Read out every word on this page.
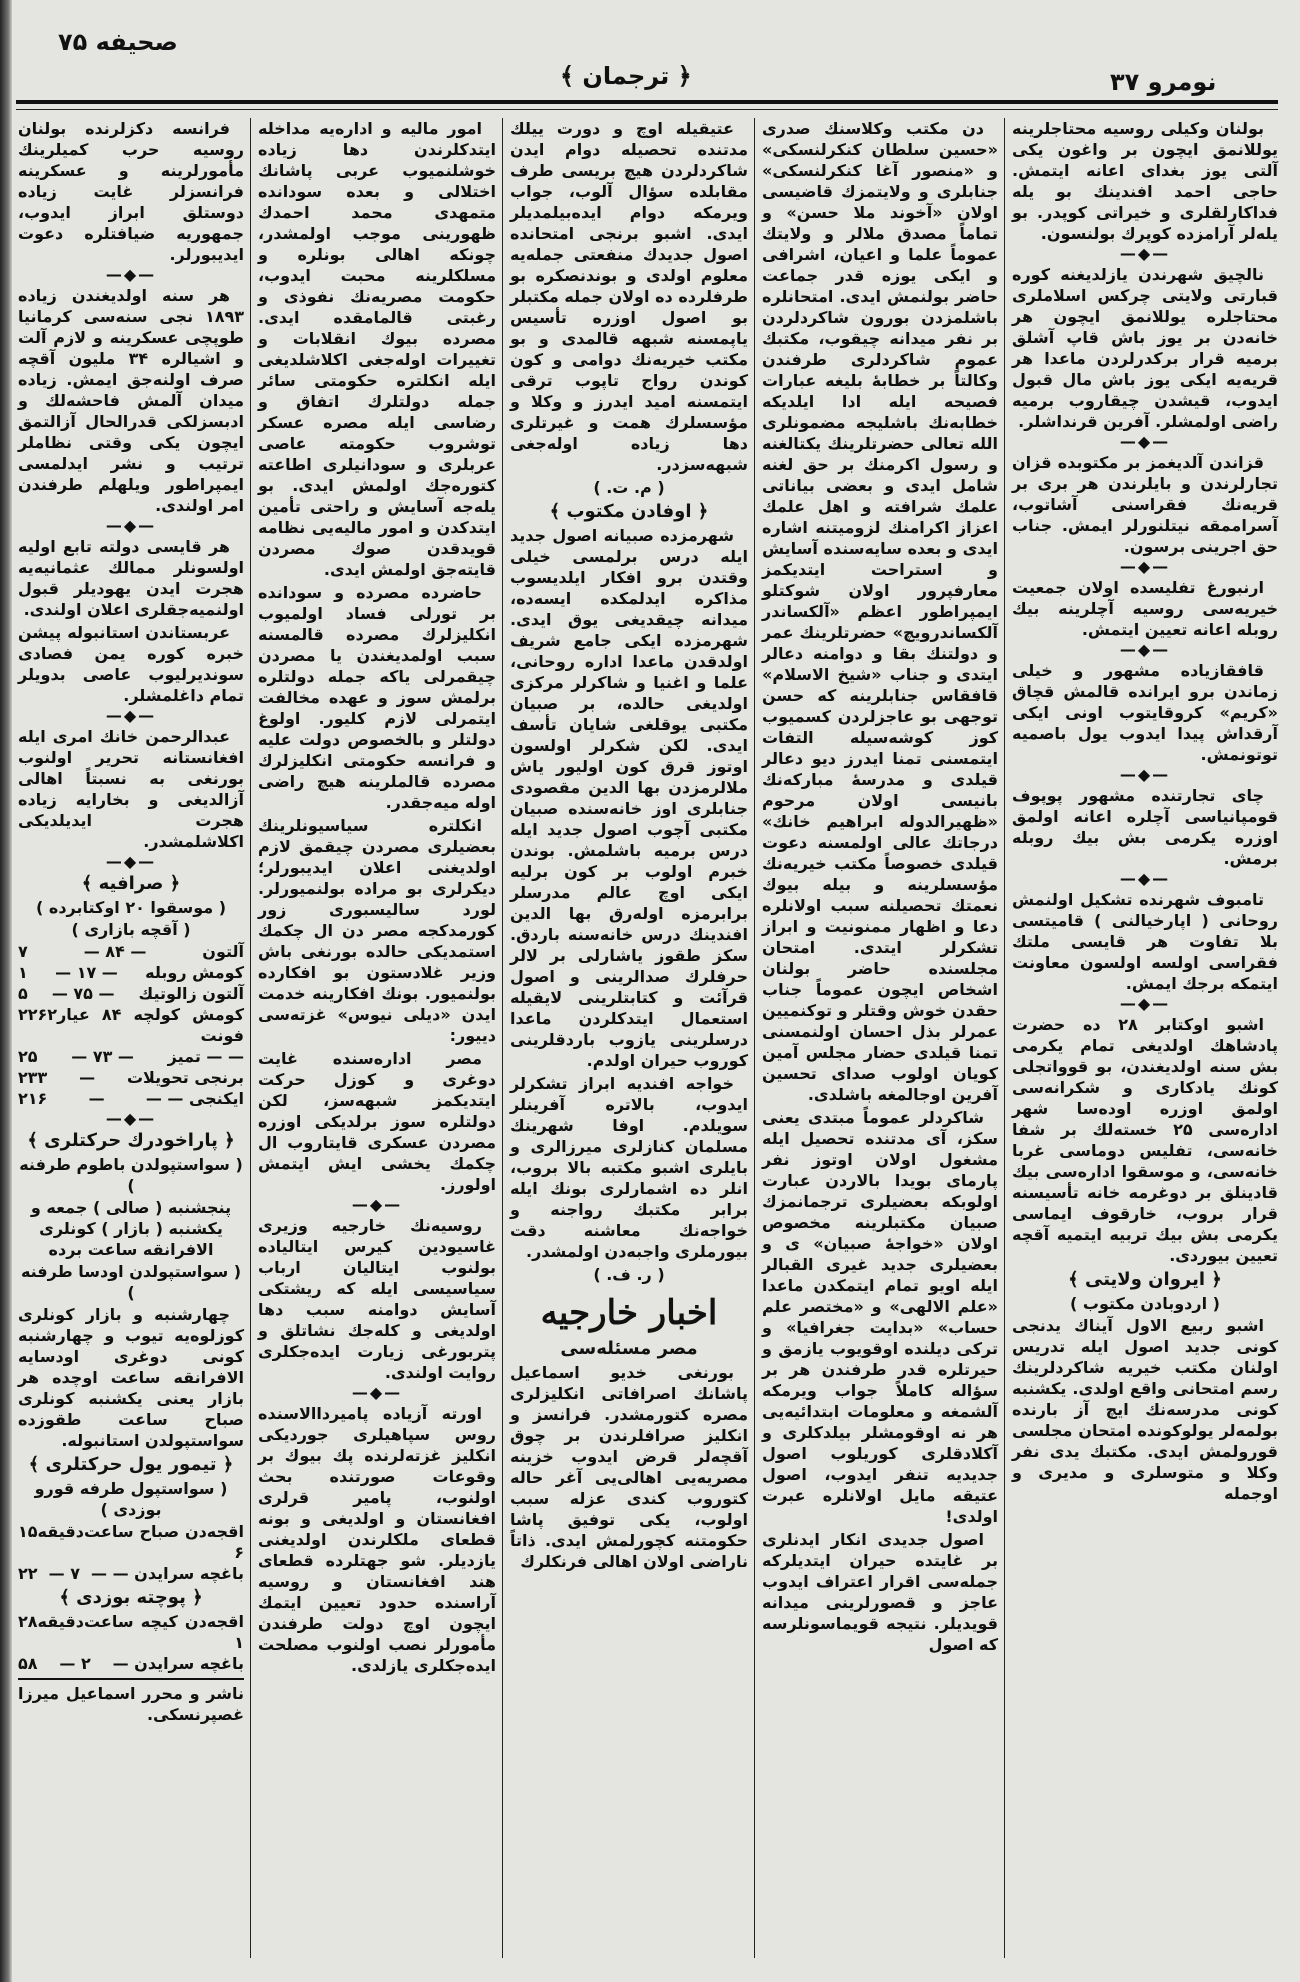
صحیفه ۷۵
﴿ ترجمان ﴾	نومرو ۳۷

فرانسه دکزلرنده بولنان روسیه حرب کمیلرینك مأمورلرینه و عسکرینه فرانسزلر غایت زیاده دوستلق ابراز ایدوب، جمهوریه ضیافتلره دعوت ایدیبورلر.

—◆—

هر سنه اولدیغندن زیاده ۱۸۹۳ نجی سنه‌سی کرمانیا طوپچی عسکرینه و لازم آلت و اشیالره ۳۴ ملیون آقچه صرف اولنه‌جق ایمش. زیاده میدان آلمش فاحشه‌لك و ادبسزلکی قدرالحال آزالتمق ایچون یکی وقتی نظاملر ترتیب و نشر ایدلمسی ایمپراطور ویلهلم طرفندن امر اولندی.

—◆—

هر قایسی دولته تابع اولیه اولسونلر ممالك عثمانیه‌یه هجرت ایدن یهودیلر قبول اولنمیه‌جقلری اعلان اولندی.

عربستاندن استانبوله پیشن خبره کوره یمن فصادی سوندیرلیوب عاصی بدویلر تمام داغلمشلر.

—◆—

عبدالرحمن خانك امری ایله افغانستانه تحریر اولنوب بورنغی به نسبتاً اهالی آزالدیغی و بخارایه زیاده هجرت ایدیلدیکی اکلاشلمشدر.

—◆—
﴿ صرافیه ﴾
( موسقوا ۲۰ اوکتابرده )
( آقچه بازاری )
آلتون
— ۸۴ —
۷
کومش روبله
— ۱۷ —
۱
آلتون زالوتیك
— ۷۵ —
۵
کومش کولچه ۸۴ عیار فونت
۶۲
۲۲
— — تمیز
— ۷۳ —
۲۵
برنجی تحویلات
—
۲۳۳
ایکنجی — —
—
۲۱۶
—◆—
﴿ پاراخودرك حرکتلری ﴾
( سواستپولدن باطوم طرفنه )
پنجشنبه ( صالی ) جمعه و یکشنبه ( بازار ) کونلری الافرانقه ساعت برده
( سواستپولدن اودسا طرفنه )

چهارشنبه و بازار کونلری کوزلوه‌یه تیوب و چهارشنبه کونی دوغری اودسایه الافرانقه ساعت اوچده هر بازار یعنی یکشنبه کونلری صباح ساعت طقوزده سواستپولدن استانبوله.

﴿ تیمور یول حرکتلری ﴾
( سواستپول طرفه قورو بوزدی )
اقجه‌دن صباح ساعت ۶
دقیقه
۱۵
باغچه سرایدن — —
۷ —
۲۲
﴿ پوچته بوزدی ﴾
اقجه‌دن کیچه ساعت ۱
دقیقه
۲۸
باغچه سرایدن —
۲ —
۵۸
ناشر و محرر اسماعیل میرزا غصپرنسکی.

امور مالیه و اداره‌یه مداخله ایتدکلرندن دها زیاده خوشلنمیوب عربی پاشانك اختلالی و بعده سودانده متمهدی محمد احمدك ظهورینی موجب اولمشدر، چونکه اهالی بونلره و مسلکلرینه محبت ایدوب، حکومت مصریه‌نك نفوذی و رغبتی قالمامقده ایدی. مصرده بیوك انقلابات و تغییرات اوله‌جغی اکلاشلدیغی ایله انکلتره حکومتی سائر جمله دولتلرك اتفاق و رضاسی ایله مصره عسکر توشروب حکومته عاصی عربلری و سودانیلری اطاعته کتوره‌جك اولمش ایدی. بو یله‌جه آسایش و راحتی تأمین ایتدکدن و امور مالیه‌یی نظامه قویدقدن صوك مصردن قایته‌جق اولمش ایدی.

حاضرده مصرده و سودانده بر تورلی فساد اولمیوب انکلیزلرك مصرده قالمسنه سبب اولمدیغندن یا مصردن چیقمرلی یاکه جمله دولتلره برلمش سوز و عهده مخالفت ایتمرلی لازم کلیور. اولوغ دولتلر و بالخصوص دولت علیه و فرانسه حکومتی انکلیزلرك مصرده قالملرینه هیچ راضی اوله میه‌جقدر.

انکلتره سیاسیونلرینك بعضیلری مصردن چیقمق لازم اولدیغنی اعلان ایدیبورلر؛ دیکرلری بو مراده بولنمیورلر. لورد سالیسبوری زور کورمدکجه مصر دن ال چکمك استمدیکی حالده بورنغی باش وزیر غلادستون بو افکارده بولنمیور. بونك افکارینه خدمت ایدن «دیلی نیوس» غزته‌سی دییور:

مصر اداره‌سنده غایت دوغری و کوزل حرکت ایتدیکمز شبهه‌سز، لکن دولتلره سوز برلدیکی اوزره مصردن عسکری قایتاروب ال چکمك یخشی ایش ایتمش اولورز.

—◆—

روسیه‌نك خارجیه وزیری غاسیودین کیرس ایتالیاده بولنوب ایتالیان ارباب سیاسیسی ایله که ریشتکی آسایش دوامنه سبب دها اولدیغی و کله‌جك نشاتلق و پتربورغی زیارت ایده‌جکلری روایت اولندی.

—◆—

اورته آزیاده پامیرداالاسنده روس سپاهیلری جوردیکی انکلیز غزته‌لرنده پك بیوك بر وقوعات صورتنده بحث اولنوب، پامیر قرلری افغانستان و اولدیغی و بونه قطعای ملکلرندن اولدیغنی یازدیلر. شو جهتلرده قطعای هند افغانستان و روسیه آراسنده حدود تعیین ایتمك ایچون اوچ دولت طرفندن مأمورلر نصب اولنوب مصلحت ایده‌جکلری یازلدی.

عتیقیله اوچ و دورت ییلك مدتنده تحصیله دوام ایدن شاکردلردن هیچ بریسی طرف مقابلده سؤال آلوب، جواب ویرمکه دوام ایده‌بیلمدیلر ایدی. اشبو برنجی امتحانده اصول جدیدك منفعتی جمله‌یه معلوم اولدی و بوندنصکره بو طرفلرده ده اولان جمله مکتبلر بو اصول اوزره تأسیس یاپمسنه شبهه قالمدی و بو مکتب خیریه‌نك دوامی و کون کوندن رواج تاپوب ترقی ایتمسنه امید ایدرز و وکلا و مؤسسلرك همت و غیرتلری دها زیاده اوله‌جغی شبهه‌سزدر.

( م. ت. )
﴿ اوفادن مکتوب ﴾

شهرمزده صبیانه اصول جدید ایله درس برلمسی خیلی وقتدن برو افکار ایلدیسوب مذاکره ایدلمکده ایسه‌ده، میدانه چیقدیغی یوق ایدی. شهرمزده ایکی جامع شریف اولدقدن ماعدا اداره روحانی، علما و اغنیا و شاکرلر مرکزی اولدیغی حالده، بر صبیان مکتبی یوقلغی شایان تأسف ایدی. لکن شکرلر اولسون اوتوز قرق کون اولیور یاش ملالرمزدن بها الدین مقصودی جنابلری اوز خانه‌سنده صبیان مکتبی آچوب اصول جدید ایله درس برمیه باشلمش. بوندن خبرم اولوب بر کون برلیه ایکی اوچ عالم مدرسلر برابرمزه اوله‌رق بها الدین افندینك درس خانه‌سنه باردق. سکز طقوز یاشارلی بر لالر حرفلرك صدالرینی و اصول قرآئت و کتابتلرینی لایقیله استعمال ایتدکلردن ماعدا درسلرینی یازوب باردقلرینی کوروب حیران اولدم.

خواجه افندیه ابراز تشکرلر ایدوب، بالاتره آفرینلر سویلدم. اوفا شهرینك مسلمان کنازلری میرزالری و بایلری اشبو مکتبه بالا بروب، انلر ده اشمارلری بونك ایله برابر مکتبك رواجنه و خواجه‌نك معاشنه دقت بیورملری واجبه‌دن اولمشدر.

( ر. ف. )
اخبار خارجیه
مصر مسئله‌سی

بورنغی خدیو اسماعیل پاشانك اصرافاتی انکلیزلری مصره کتورمشدر. فرانسز و انکلیز صرافلرندن بر چوق آقچه‌لر قرض ایدوب خزینه مصریه‌یی اهالی‌یی آغر حاله کتوروب کندی عزله سبب اولوب، یکی توفیق پاشا حکومتنه کچورلمش ایدی. ذاتاً ناراضی اولان اهالی فرنکلرك

دن مکتب وکلاسنك صدری «حسین سلطان کنکرلنسکی» و «منصور آغا کنکرلنسکی» جنابلری و ولایتمزك قاضیسی اولان «آخوند ملا حسن» و تماماً مصدق ملالر و ولایتك عموماً علما و اعیان، اشرافی و ایکی یوزه قدر جماعت حاضر بولنمش ایدی. امتحانلره باشلمزدن بورون شاکردلردن بر نفر میدانه چیقوب، مکتبك عموم شاکردلری طرفندن وکالتاً بر خطابهٔ بلیغه عبارات فصیحه ایله ادا ایلدیکه خطابه‌نك باشلیجه مضمونلری الله تعالی حضرتلرینك یکتالغنه و رسول اکرمنك بر حق لغنه شامل ایدی و بعضی بیاناتی علمك شرافته و اهل علمك اعزاز اکرامنك لزومیتنه اشاره ایدی و بعده سایه‌سنده آسایش و استراحت ایتدیکمز معارفپرور اولان شوکتلو ایمپراطور اعظم «آلکساندر آلکساندرویچ» حضرتلرینك عمر و دولتنك بقا و دوامنه دعالر ایتدی و جناب «شیخ الاسلام» قافقاس جنابلرینه که حسن توجهی بو عاجزلردن کسمیوب کوز کوشه‌سیله التفات ایتمسنی تمنا ایدرز دیو دعالر قیلدی و مدرسهٔ مبارکه‌نك بانیسی اولان مرحوم «ظهیرالدوله ابراهیم خانك» درجاتك عالی اولمسنه دعوت قیلدی خصوصاً مکتب خیریه‌نك مؤسسلرینه و بیله بیوك نعمتك تحصیلنه سبب اولانلره دعا و اظهار ممنونیت و ابراز تشکرلر ایتدی. امتحان مجلسنده حاضر بولنان اشخاص ایچون عموماً جناب حقدن خوش وقتلر و توکنمیین عمرلر بذل احسان اولنمسنی تمنا قیلدی حضار مجلس آمین کویان اولوب صدای تحسین آفرین اوجالمغه باشلدی.

شاکردلر عموماً مبتدی یعنی سکز، آی مدتنده تحصیل ایله مشغول اولان اوتوز نفر پارمای بویدا بالاردن عبارت اولوبکه بعضیلری ترجمانمزك صبیان مکتبلرینه مخصوص اولان «خواجهٔ صبیان» ی و بعضیلری جدید غیری القبالر ایله اویو تمام ایتمکدن ماعدا «علم الالهی» و «مختصر علم حساب» «بدایت جغرافیا» و ترکی دیلنده اوقویوب یازمق و حیرتلره قدر طرفندن هر بر سؤاله کاملاً جواب ویرمکه آلشمغه و معلومات ابتدائیه‌یی هر نه اوقومشلر بیلدکلری و آکلادقلری کوریلوب اصول جدیدیه تنفر ایدوب، اصول عتیقه مایل اولانلره عبرت اولدی!

اصول جدیدی انکار ایدنلری بر غایتده حیران ایتدیلرکه جمله‌سی اقرار اعتراف ایدوب عاجز و قصورلرینی میدانه قویدیلر. نتیجه قویماسونلرسه که اصول

بولنان وکیلی روسیه محتاجلرینه یوللانمق ایچون بر واغون یکی آلتی یوز بغدای اعانه ایتمش. حاجی احمد افندینك بو یله فداکارلقلری و خیراتی کوپدر. بو یله‌لر آرامزده کوپرك بولنسون.

—◆—

نالچیق شهرندن یازلدیغنه کوره قبارتی ولایتی چرکس اسلاملری محتاجلره یوللانمق ایچون هر خانه‌دن بر یوز باش قاپ آشلق برمیه قرار برکدرلردن ماعدا هر قریه‌یه ایکی یوز باش مال قبول ایدوب، قیشدن چیقاروب برمیه راضی اولمشلر. آفرین قرنداشلر.

—◆—

قزاندن آلدیغمز بر مکتوبده قزان تجارلرندن و بایلرندن هر بری بر قریه‌نك فقراسنی آشاتوب، آسراممقه نیتلنورلر ایمش. جناب حق اجرینی برسون.

—◆—

ارنبورغ تفلیسده اولان جمعیت خیریه‌سی روسیه آچلرینه بیك روبله اعانه تعیین ایتمش.

—◆—

قافقازیاده مشهور و خیلی زماندن برو ایرانده قالمش قچاق «کریم» کروقایتوب اونی ایکی آرقداش پیدا ایدوب یول باصمیه توتونمش.

—◆—

چای تجارتنده مشهور پوپوف قومپانیاسی آچلره اعانه اولمق اوزره یکرمی بش بیك روبله برمش.

—◆—

تامبوف شهرنده تشکیل اولنمش روحانی ( اپارخیالنی ) قامیتسی بلا تفاوت هر قایسی ملتك فقراسی اولسه اولسون معاونت ایتمکه برجك ایمش.

—◆—

اشبو اوکتابر ۲۸ ده حضرت پادشاهك اولدیغی تمام یکرمی بش سنه اولدیغندن، بو قوواتجلی کونك یادکاری و شکرانه‌سی اولمق اوزره اوده‌سا شهر اداره‌سی ۲۵ خسته‌لك بر شفا خانه‌سی، تفلیس دوماسی غربا خانه‌سی، و موسقوا اداره‌سی بیك قادینلق بر دوغرمه خانه تأسیسنه قرار بروب، خارقوف ایماسی یکرمی بش بیك تربیه ایتمیه آقچه تعیین بیوردی.

﴿ ایروان ولایتی ﴾
( اردوبادن مکتوب )

اشبو ربیع الاول آیناك یدنجی کونی جدید اصول ایله تدریس اولنان مکتب خیریه شاکردلرینك رسم امتحانی واقع اولدی. یکشنبه کونی مدرسه‌نك ایچ آز بارنده بولمه‌لر یولوکونده امتحان مجلسی قورولمش ایدی. مکتبك یدی نفر وکلا و متوسلری و مدیری و اوجمله
